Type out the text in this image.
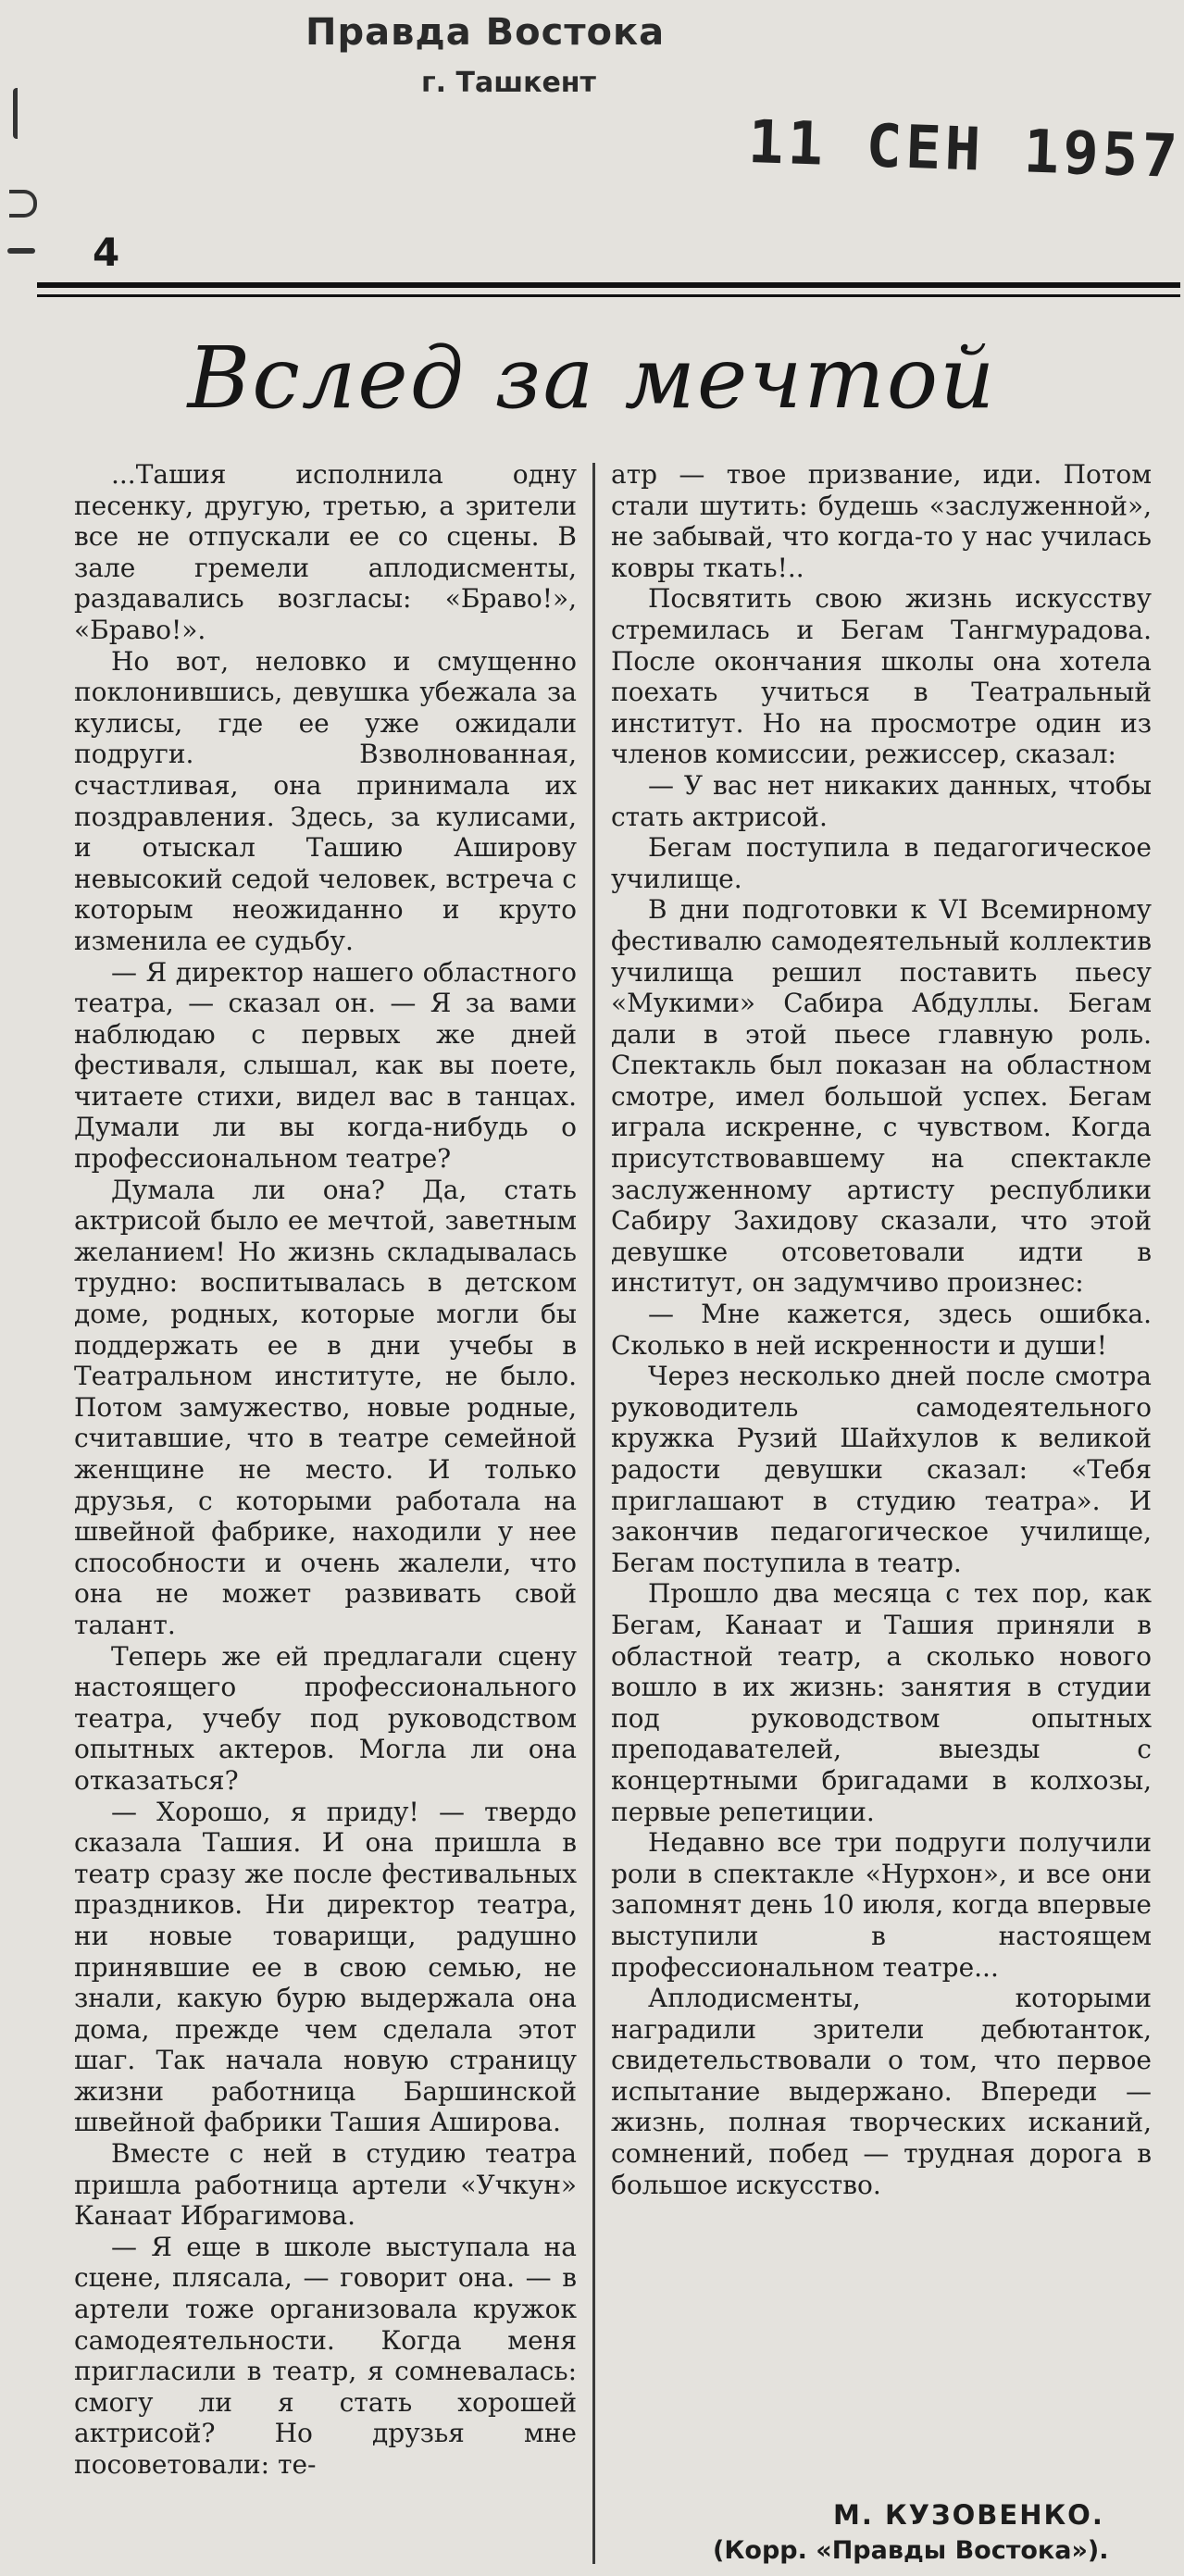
Правда Востока
г. Ташкент
11 СЕН 1957
4
Вслед за мечтой

...Ташия исполнила одну песенку, другую, третью, а зрители все не отпускали ее со сцены. В зале гремели аплодисменты, раздавались возгласы: «Браво!», «Браво!».

Но вот, неловко и смущенно поклонившись, девушка убежала за кулисы, где ее уже ожидали подруги. Взволнованная, счастливая, она принимала их поздравления. Здесь, за кулисами, и отыскал Ташию Аширову невысокий седой человек, встреча с которым неожиданно и круто изменила ее судьбу.

— Я директор нашего областного театра, — сказал он. — Я за вами наблюдаю с первых же дней фестиваля, слышал, как вы поете, читаете стихи, видел вас в танцах. Думали ли вы когда-нибудь о профессиональном театре?

Думала ли она? Да, стать актрисой было ее мечтой, заветным желанием! Но жизнь складывалась трудно: воспитывалась в детском доме, родных, которые могли бы поддержать ее в дни учебы в Театральном институте, не было. Потом замужество, новые родные, считавшие, что в театре семейной женщине не место. И только друзья, с которыми работала на швейной фабрике, находили у нее способности и очень жалели, что она не может развивать свой талант.

Теперь же ей предлагали сцену настоящего профессионального театра, учебу под руководством опытных актеров. Могла ли она отказаться?

— Хорошо, я приду! — твердо сказала Ташия. И она пришла в театр сразу же после фестивальных праздников. Ни директор театра, ни новые товарищи, радушно принявшие ее в свою семью, не знали, какую бурю выдержала она дома, прежде чем сделала этот шаг. Так начала новую страницу жизни работница Баршинской швейной фабрики Ташия Аширова.

Вместе с ней в студию театра пришла работница артели «Учкун» Канаат Ибрагимова.

— Я еще в школе выступала на сцене, плясала, — говорит она. — в артели тоже организовала кружок самодеятельности. Когда меня пригласили в театр, я сомневалась: смогу ли я стать хорошей актрисой? Но друзья мне посоветовали: те-

атр — твое призвание, иди. Потом стали шутить: будешь «заслуженной», не забывай, что когда-то у нас училась ковры ткать!..

Посвятить свою жизнь искусству стремилась и Бегам Тангмурадова. После окончания школы она хотела поехать учиться в Театральный институт. Но на просмотре один из членов комиссии, режиссер, сказал:

— У вас нет никаких данных, чтобы стать актрисой.

Бегам поступила в педагогическое училище.

В дни подготовки к VI Всемирному фестивалю самодеятельный коллектив училища решил поставить пьесу «Мукими» Сабира Абдуллы. Бегам дали в этой пьесе главную роль. Спектакль был показан на областном смотре, имел большой успех. Бегам играла искренне, с чувством. Когда присутствовавшему на спектакле заслуженному артисту республики Сабиру Захидову сказали, что этой девушке отсоветовали идти в институт, он задумчиво произнес:

— Мне кажется, здесь ошибка. Сколько в ней искренности и души!

Через несколько дней после смотра руководитель самодеятельного кружка Рузий Шайхулов к великой радости девушки сказал: «Тебя приглашают в студию театра». И закончив педагогическое училище, Бегам поступила в театр.

Прошло два месяца с тех пор, как Бегам, Канаат и Ташия приняли в областной театр, а сколько нового вошло в их жизнь: занятия в студии под руководством опытных преподавателей, выезды с концертными бригадами в колхозы, первые репетиции.

Недавно все три подруги получили роли в спектакле «Нурхон», и все они запомнят день 10 июля, когда впервые выступили в настоящем профессиональном театре...

Аплодисменты, которыми наградили зрители дебютанток, свидетельствовали о том, что первое испытание выдержано. Впереди — жизнь, полная творческих исканий, сомнений, побед — трудная дорога в большое искусство.

М. КУЗОВЕНКО.
(Корр. «Правды Востока»).
